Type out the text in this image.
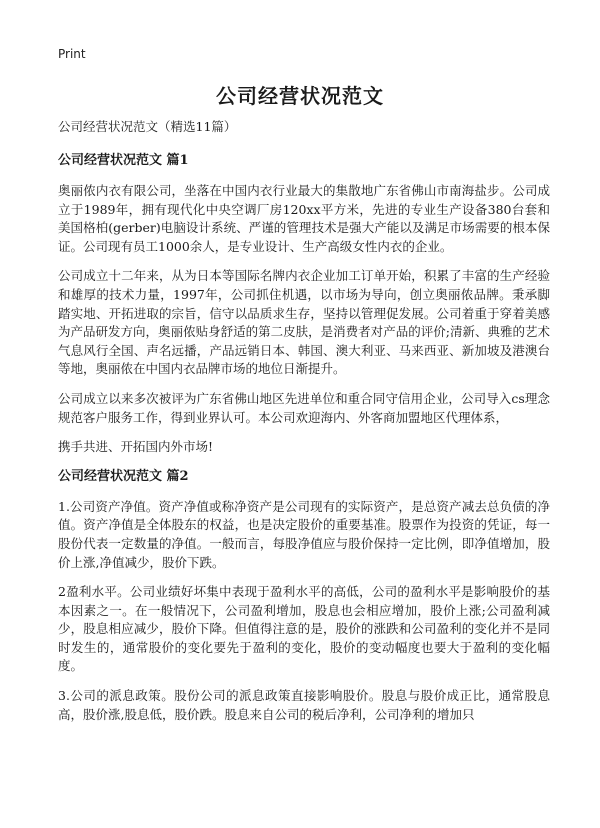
Print
公司经营状况范文
公司经营状况范文（精选11篇）
公司经营状况范文 篇1

奥丽侬内衣有限公司，坐落在中国内衣行业最大的集散地广东省佛山市南海盐步。公司成立于1989年，拥有现代化中央空调厂房120xx平方米，先进的专业生产设备380台套和美国格柏(gerber)电脑设计系统、严谨的管理技术是强大产能以及满足市场需要的根本保证。公司现有员工1000余人，是专业设计、生产高级女性内衣的企业。

公司成立十二年来，从为日本等国际名牌内衣企业加工订单开始，积累了丰富的生产经验和雄厚的技术力量，1997年，公司抓住机遇，以市场为导向，创立奥丽侬品牌。秉承脚踏实地、开拓进取的宗旨，信守以品质求生存，坚持以管理促发展。公司着重于穿着美感为产品研发方向，奥丽侬贴身舒适的第二皮肤，是消费者对产品的评价;清新、典雅的艺术气息风行全国、声名远播，产品远销日本、韩国、澳大利亚、马来西亚、新加坡及港澳台等地，奥丽侬在中国内衣品牌市场的地位日渐提升。

公司成立以来多次被评为广东省佛山地区先进单位和重合同守信用企业，公司导入cs理念规范客户服务工作，得到业界认可。本公司欢迎海内、外客商加盟地区代理体系，

携手共进、开拓国内外市场!

公司经营状况范文 篇2

1.公司资产净值。资产净值或称净资产是公司现有的实际资产，是总资产减去总负债的净值。资产净值是全体股东的权益，也是决定股价的重要基准。股票作为投资的凭证，每一股份代表一定数量的净值。一般而言，每股净值应与股价保持一定比例，即净值增加，股价上涨,净值减少，股价下跌。

2盈利水平。公司业绩好坏集中表现于盈利水平的高低，公司的盈利水平是影响股价的基本因素之一。在一般情况下，公司盈利增加，股息也会相应增加，股价上涨;公司盈利减少，股息相应减少，股价下降。但值得注意的是，股价的涨跌和公司盈利的变化并不是同时发生的，通常股价的变化要先于盈利的变化，股价的变动幅度也要大于盈利的变化幅度。

3.公司的派息政策。股份公司的派息政策直接影响股价。股息与股价成正比，通常股息高，股价涨,股息低，股价跌。股息来自公司的税后净利，公司净利的增加只
